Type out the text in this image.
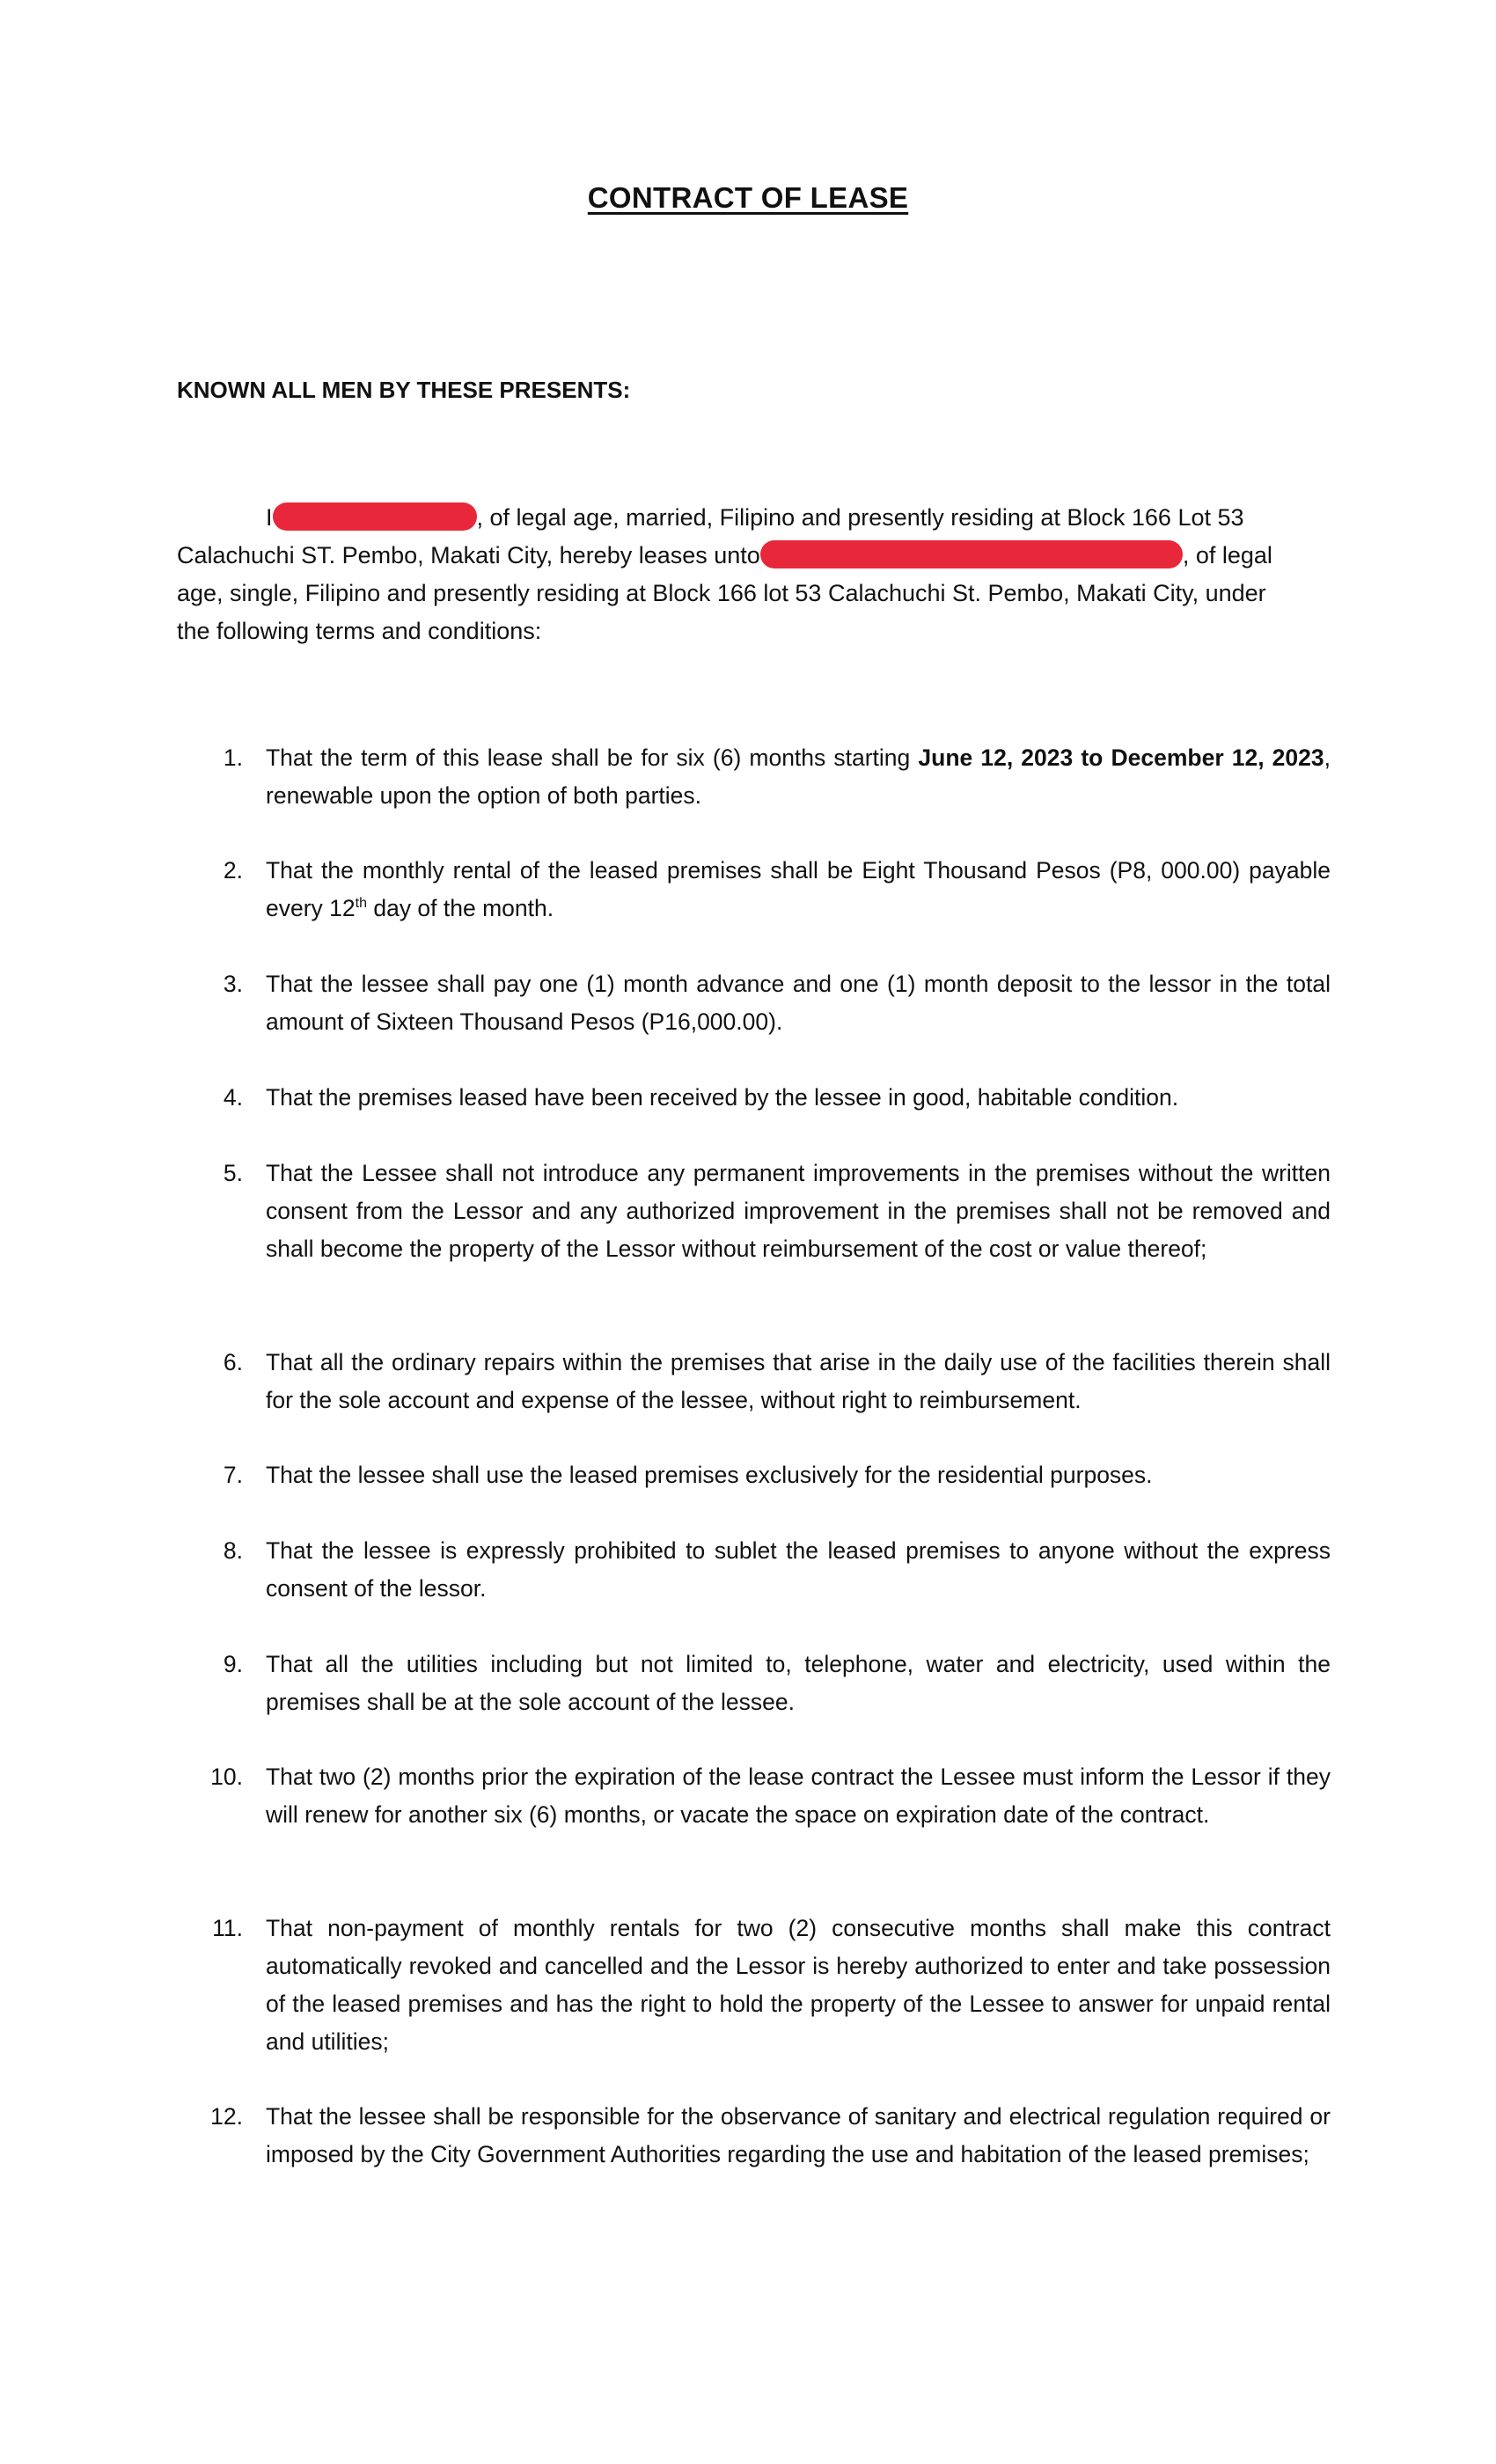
CONTRACT OF LEASE
KNOWN ALL MEN BY THESE PRESENTS:
I	, of legal age, married, Filipino and presently residing at Block 166 Lot 53
Calachuchi ST. Pembo, Makati City, hereby leases unto	, of legal
age, single, Filipino and presently residing at Block 166 lot 53 Calachuchi St. Pembo, Makati City, under
the following terms and conditions:
1. That the term of this lease shall be for six (6) months starting June 12, 2023 to December 12, 2023, renewable upon the option of both parties.
2. That the monthly rental of the leased premises shall be Eight Thousand Pesos (P8, 000.00) payable every 12th day of the month.
3. That the lessee shall pay one (1) month advance and one (1) month deposit to the lessor in the total amount of Sixteen Thousand Pesos (P16,000.00).
4. That the premises leased have been received by the lessee in good, habitable condition.
5. That the Lessee shall not introduce any permanent improvements in the premises without the written consent from the Lessor and any authorized improvement in the premises shall not be removed and shall become the property of the Lessor without reimbursement of the cost or value thereof;
6. That all the ordinary repairs within the premises that arise in the daily use of the facilities therein shall for the sole account and expense of the lessee, without right to reimbursement.
7. That the lessee shall use the leased premises exclusively for the residential purposes.
8. That the lessee is expressly prohibited to sublet the leased premises to anyone without the express consent of the lessor.
9. That all the utilities including but not limited to, telephone, water and electricity, used within the premises shall be at the sole account of the lessee.
10. That two (2) months prior the expiration of the lease contract the Lessee must inform the Lessor if they will renew for another six (6) months, or vacate the space on expiration date of the contract.
11. That non-payment of monthly rentals for two (2) consecutive months shall make this contract automatically revoked and cancelled and the Lessor is hereby authorized to enter and take possession of the leased premises and has the right to hold the property of the Lessee to answer for unpaid rental and utilities;
12. That the lessee shall be responsible for the observance of sanitary and electrical regulation required or imposed by the City Government Authorities regarding the use and habitation of the leased premises;
